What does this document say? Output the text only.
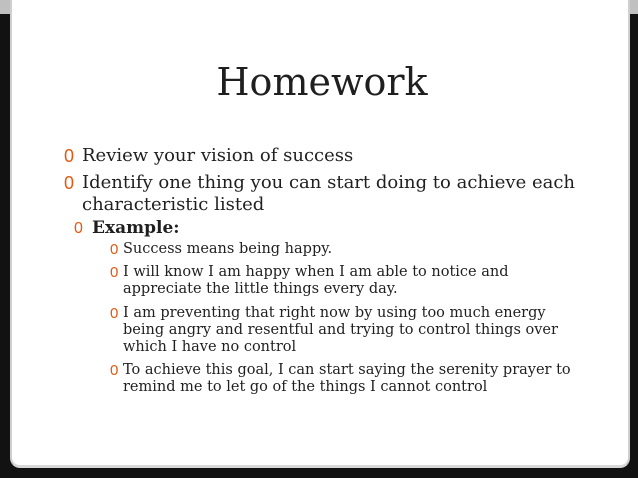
Homework
0 Review your vision of success
0 Identify one thing you can start doing to achieve each characteristic listed
0 Example:
0 Success means being happy.
0 I will know I am happy when I am able to notice and appreciate the little things every day.
0 I am preventing that right now by using too much energy being angry and resentful and trying to control things over which I have no control
0 To achieve this goal, I can start saying the serenity prayer to remind me to let go of the things I cannot control
